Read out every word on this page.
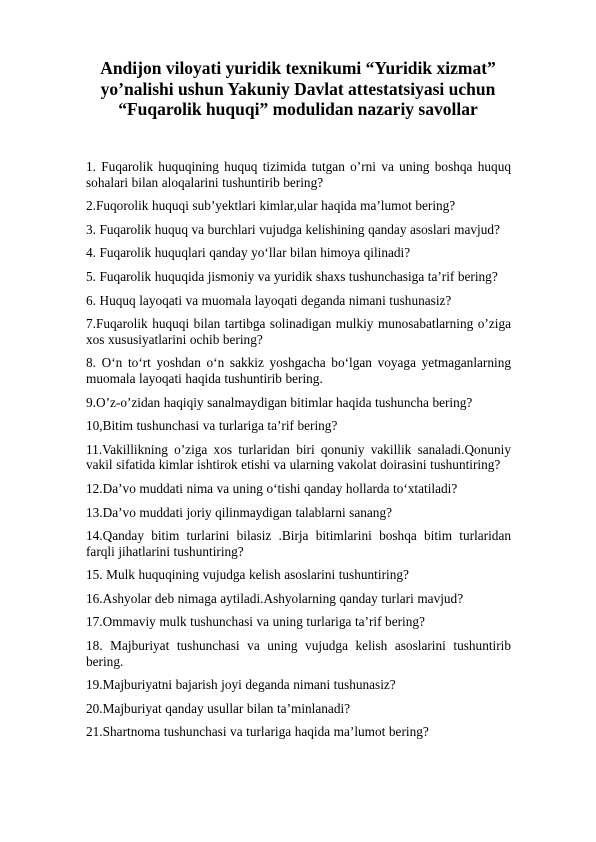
Andijon viloyati yuridik texnikumi “Yuridik xizmat”
yo’nalishi ushun Yakuniy Davlat attestatsiyasi uchun
“Fuqarolik huquqi” modulidan nazariy savollar

1. Fuqarolik huquqining huquq tizimida tutgan o’rni va uning boshqa huquq sohalari bilan aloqalarini tushuntirib bering?

2.Fuqorolik huquqi sub’yektlari kimlar,ular haqida ma’lumot bering?

3. Fuqarolik huquq va burchlari vujudga kelishining qanday asoslari mavjud?

4. Fuqarolik huquqlari qanday yo‘llar bilan himoya qilinadi?

5. Fuqarolik huquqida jismoniy va yuridik shaxs tushunchasiga ta’rif bering?

6. Huquq layoqati va muomala layoqati deganda nimani tushunasiz?

7.Fuqarolik huquqi bilan tartibga solinadigan mulkiy munosabatlarning o’ziga xos xususiyatlarini ochib bering?

8. O‘n to‘rt yoshdan o‘n sakkiz yoshgacha bo‘lgan voyaga yetmaganlarning muomala layoqati haqida tushuntirib bering.

9.O’z-o’zidan haqiqiy sanalmaydigan bitimlar haqida tushuncha bering?

10,Bitim tushunchasi va turlariga ta’rif bering?

11.Vakillikning o’ziga xos turlaridan biri qonuniy vakillik sanaladi.Qonuniy vakil sifatida kimlar ishtirok etishi va ularning vakolat doirasini tushuntiring?

12.Da’vo muddati nima va uning o‘tishi qanday hollarda to‘xtatiladi?

13.Da’vo muddati joriy qilinmaydigan talablarni sanang?

14.Qanday bitim turlarini bilasiz .Birja bitimlarini boshqa bitim turlaridan farqli jihatlarini tushuntiring?

15. Mulk huquqining vujudga kelish asoslarini tushuntiring?

16.Ashyolar deb nimaga aytiladi.Ashyolarning qanday turlari mavjud?

17.Ommaviy mulk tushunchasi va uning turlariga ta’rif bering?

18. Majburiyat tushunchasi va uning vujudga kelish asoslarini tushuntirib bering.

19.Majburiyatni bajarish joyi deganda nimani tushunasiz?

20.Majburiyat qanday usullar bilan ta’minlanadi?

21.Shartnoma tushunchasi va turlariga haqida ma’lumot bering?
